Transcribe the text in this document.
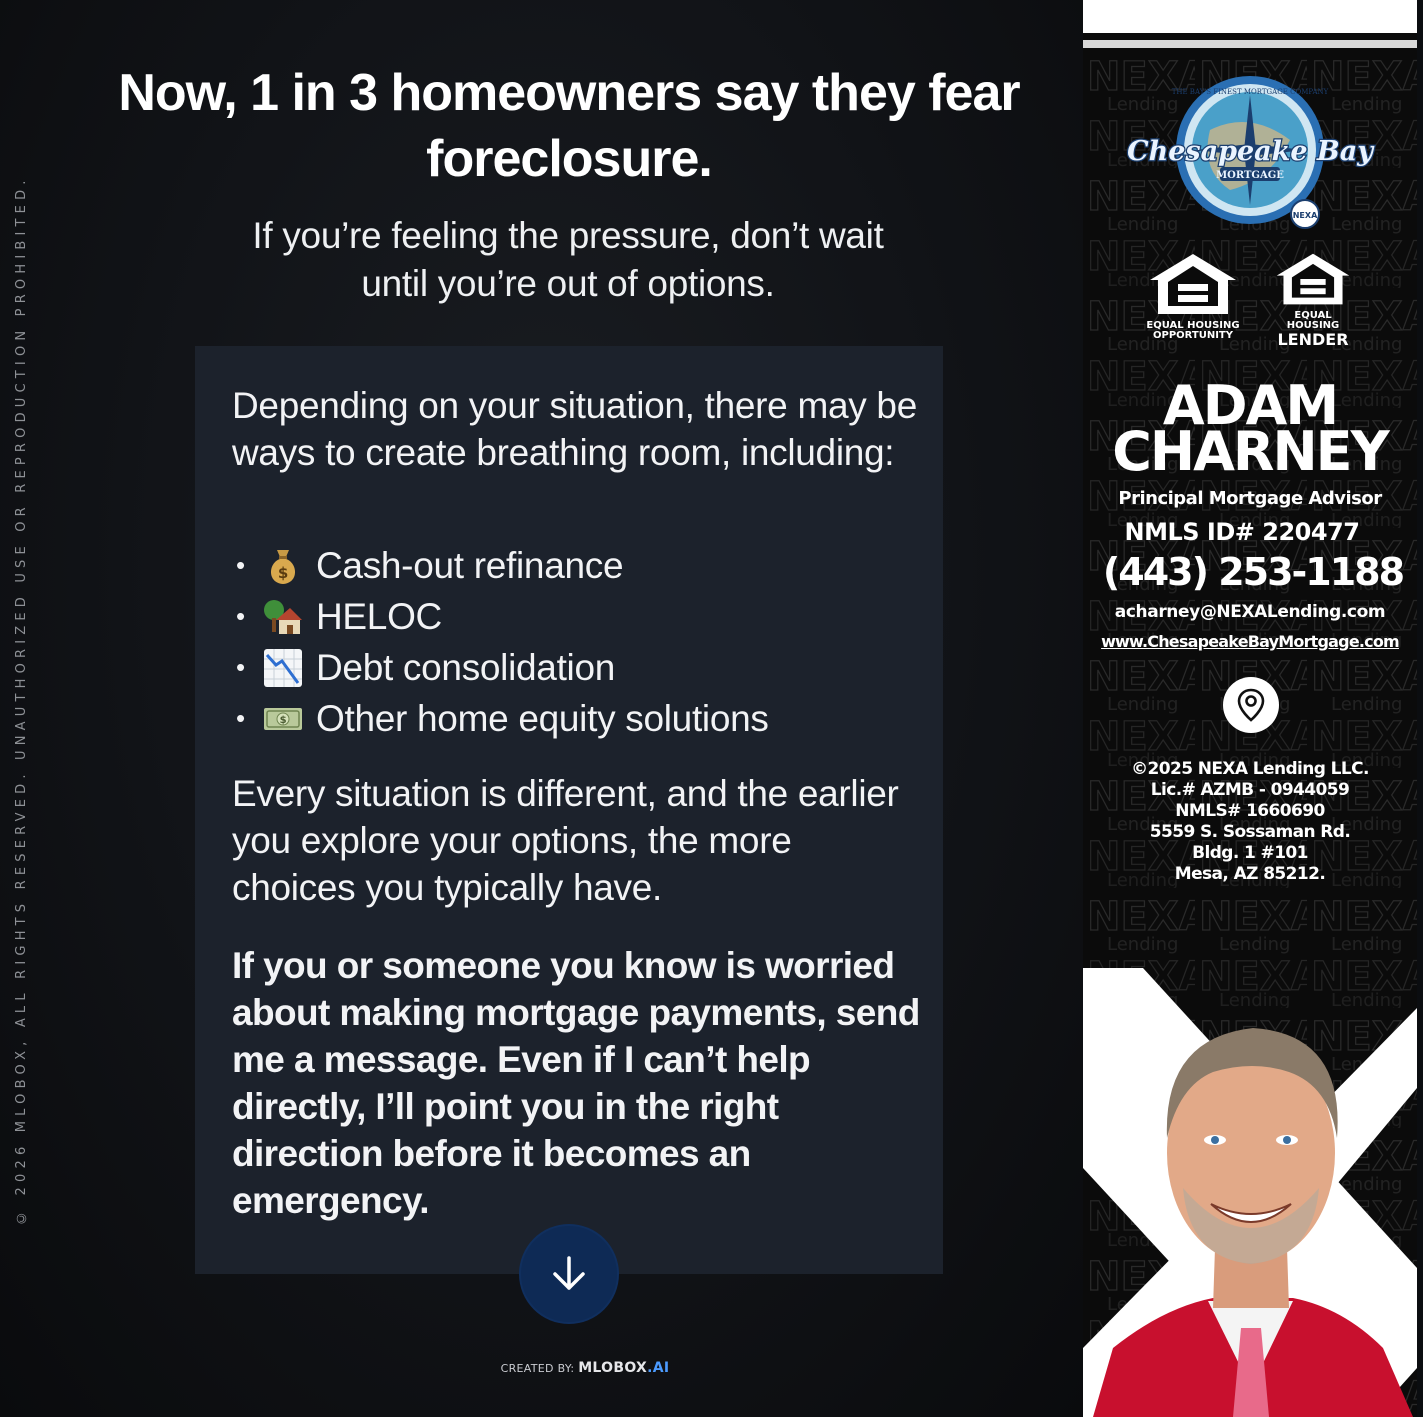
© 2026 MLOBOX, ALL RIGHTS RESERVED. UNAUTHORIZED USE OR REPRODUCTION PROHIBITED.
Now, 1 in 3 homeowners say they fear
foreclosure.

If you’re feeling the pressure, don’t wait
until you’re out of options.

Depending on your situation, there may be ways to create breathing room, including:

•	$ Cash-out refinance
•	HELOC
•	Debt consolidation
•	$ Other home equity solutions

Every situation is different, and the earlier you explore your options, the more choices you typically have.

If you or someone you know is worried about making mortgage payments, send me a message. Even if I can’t help directly, I’ll point you in the right direction before it becomes an emergency.

CREATED BY: MLOBOX.AI
THE BAY'S FINEST MORTGAGE COMPANY
Chesapeake Bay
MORTGAGE
NEXA
EQUAL HOUSING
OPPORTUNITY
EQUAL HOUSING
LENDER
ADAM
CHARNEY
Principal Mortgage Advisor
NMLS ID# 220477
(443) 253-1188
acharney@NEXALending.com
www.ChesapeakeBayMortgage.com
©2025 NEXA Lending LLC.
Lic.# AZMB - 0944059
NMLS# 1660690
5559 S. Sossaman Rd.
Bldg. 1 #101
Mesa, AZ 85212.
